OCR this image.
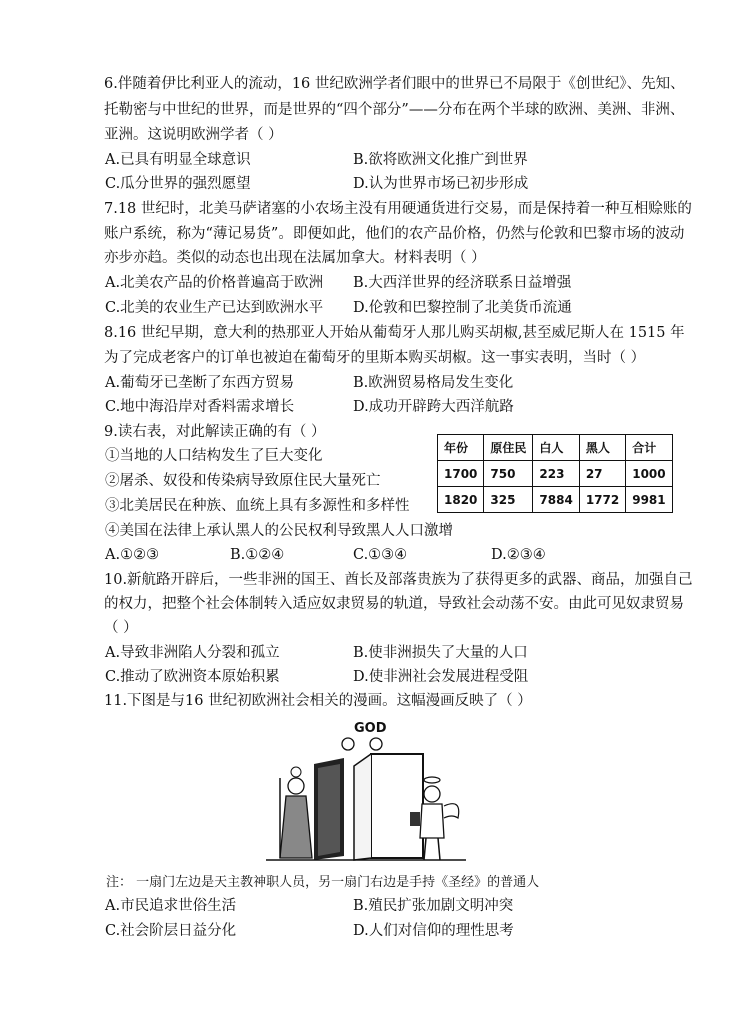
6.伴随着伊比利亚人的流动，16 世纪欧洲学者们眼中的世界已不局限于《创世纪》、先知、
托勒密与中世纪的世界，而是世界的“四个部分”——分布在两个半球的欧洲、美洲、非洲、
亚洲。这说明欧洲学者（ ）
A.已具有明显全球意识	B.欲将欧洲文化推广到世界
C.瓜分世界的强烈愿望	D.认为世界市场已初步形成
7.18 世纪时，北美马萨诸塞的小农场主没有用硬通货进行交易，而是保持着一种互相赊账的
账户系统，称为“薄记易货”。即便如此，他们的农产品价格，仍然与伦敦和巴黎市场的波动
亦步亦趋。类似的动态也出现在法属加拿大。材料表明（ ）
A.北美农产品的价格普遍高于欧洲 B.大西洋世界的经济联系日益增强
C.北美的农业生产已达到欧洲水平 D.伦敦和巴黎控制了北美货币流通
8.16 世纪早期，意大利的热那亚人开始从葡萄牙人那儿购买胡椒,甚至威尼斯人在 1515 年
为了完成老客户的订单也被迫在葡萄牙的里斯本购买胡椒。这一事实表明，当时（ ）
A.葡萄牙已垄断了东西方贸易	B.欧洲贸易格局发生变化
C.地中海沿岸对香料需求增长	D.成功开辟跨大西洋航路
9.读右表，对此解读正确的有（ ）
①当地的人口结构发生了巨大变化
②屠杀、奴役和传染病导致原住民大量死亡
③北美居民在种族、血统上具有多源性和多样性
④美国在法律上承认黑人的公民权利导致黑人人口激增
A.①②③	B.①②④	C.①③④	D.②③④
年份	原住民	白人	黑人	合计
1700	750	223	27	1000
1820	325	7884	1772	9981
10.新航路开辟后，一些非洲的国王、酋长及部落贵族为了获得更多的武器、商品，加强自己
的权力，把整个社会体制转入适应奴隶贸易的轨道，导致社会动荡不安。由此可见奴隶贸易
（ ）
A.导致非洲陷人分裂和孤立	B.使非洲损失了大量的人口
C.推动了欧洲资本原始积累	D.使非洲社会发展进程受阻
11.下图是与16 世纪初欧洲社会相关的漫画。这幅漫画反映了（ ）
GOD
注： 一扇门左边是天主教神职人员，另一扇门右边是手持《圣经》的普通人
A.市民追求世俗生活	B.殖民扩张加剧文明冲突
C.社会阶层日益分化	D.人们对信仰的理性思考
